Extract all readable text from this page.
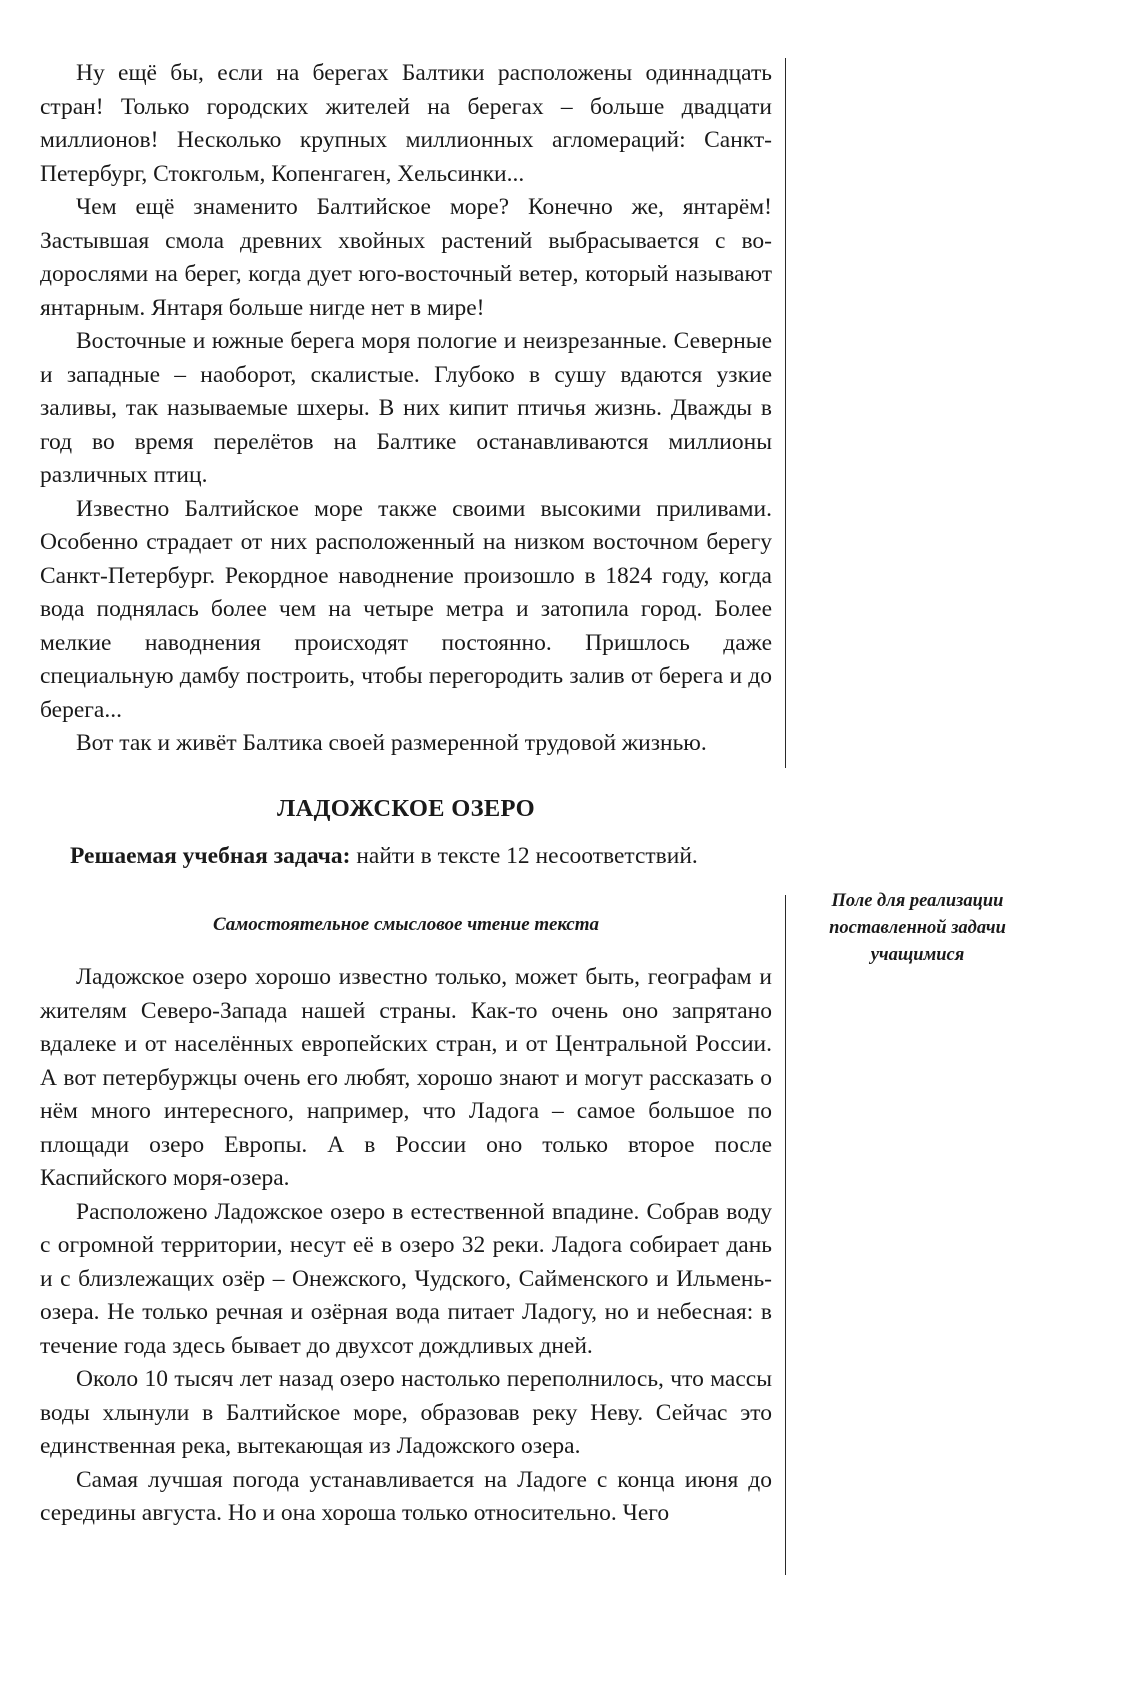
Ну ещё бы, если на берегах Балтики расположены одиннадцать стран! Только городских жителей на берегах – больше двадцати миллионов! Несколько крупных миллионных агломераций: Санкт-Петербург, Стокгольм, Копенгаген, Хельсинки...

Чем ещё знаменито Балтийское море? Конечно же, янтарём! Застывшая смола древних хвойных растений выбрасывается с водорослями на берег, когда дует юго-восточный ветер, который называют янтарным. Янтаря больше нигде нет в мире!

Восточные и южные берега моря пологие и неизрезанные. Северные и западные – наоборот, скалистые. Глубоко в сушу вдаются узкие заливы, так называемые шхеры. В них кипит птичья жизнь. Дважды в год во время перелётов на Балтике останавливаются миллионы различных птиц.

Известно Балтийское море также своими высокими приливами. Особенно страдает от них расположенный на низком восточном берегу Санкт-Петербург. Рекордное наводнение произошло в 1824 году, когда вода поднялась более чем на четыре метра и затопила город. Более мелкие наводнения происходят постоянно. Пришлось даже специальную дамбу построить, чтобы перегородить залив от берега и до берега...

Вот так и живёт Балтика своей размеренной трудовой жизнью.

ЛАДОЖСКОЕ ОЗЕРО
Решаемая учебная задача: найти в тексте 12 несоответствий.
Самостоятельное смысловое чтение текста
Поле для реализации поставленной задачи учащимися

Ладожское озеро хорошо известно только, может быть, географам и жителям Северо-Запада нашей страны. Как-то очень оно запрятано вдалеке и от населённых европейских стран, и от Центральной России. А вот петербуржцы очень его любят, хорошо знают и могут рассказать о нём много интересного, например, что Ладога – самое большое по площади озеро Европы. А в России оно только второе после Каспийского моря-озера.

Расположено Ладожское озеро в естественной впадине. Собрав воду с огромной территории, несут её в озеро 32 реки. Ладога собирает дань и с близлежащих озёр – Онежского, Чудского, Сайменского и Ильмень-озера. Не только речная и озёрная вода питает Ладогу, но и небесная: в течение года здесь бывает до двухсот дождливых дней.

Около 10 тысяч лет назад озеро настолько переполнилось, что массы воды хлынули в Балтийское море, образовав реку Неву. Сейчас это единственная река, вытекающая из Ладожского озера.

Самая лучшая погода устанавливается на Ладоге с конца июня до середины августа. Но и она хороша только относительно. Чего
